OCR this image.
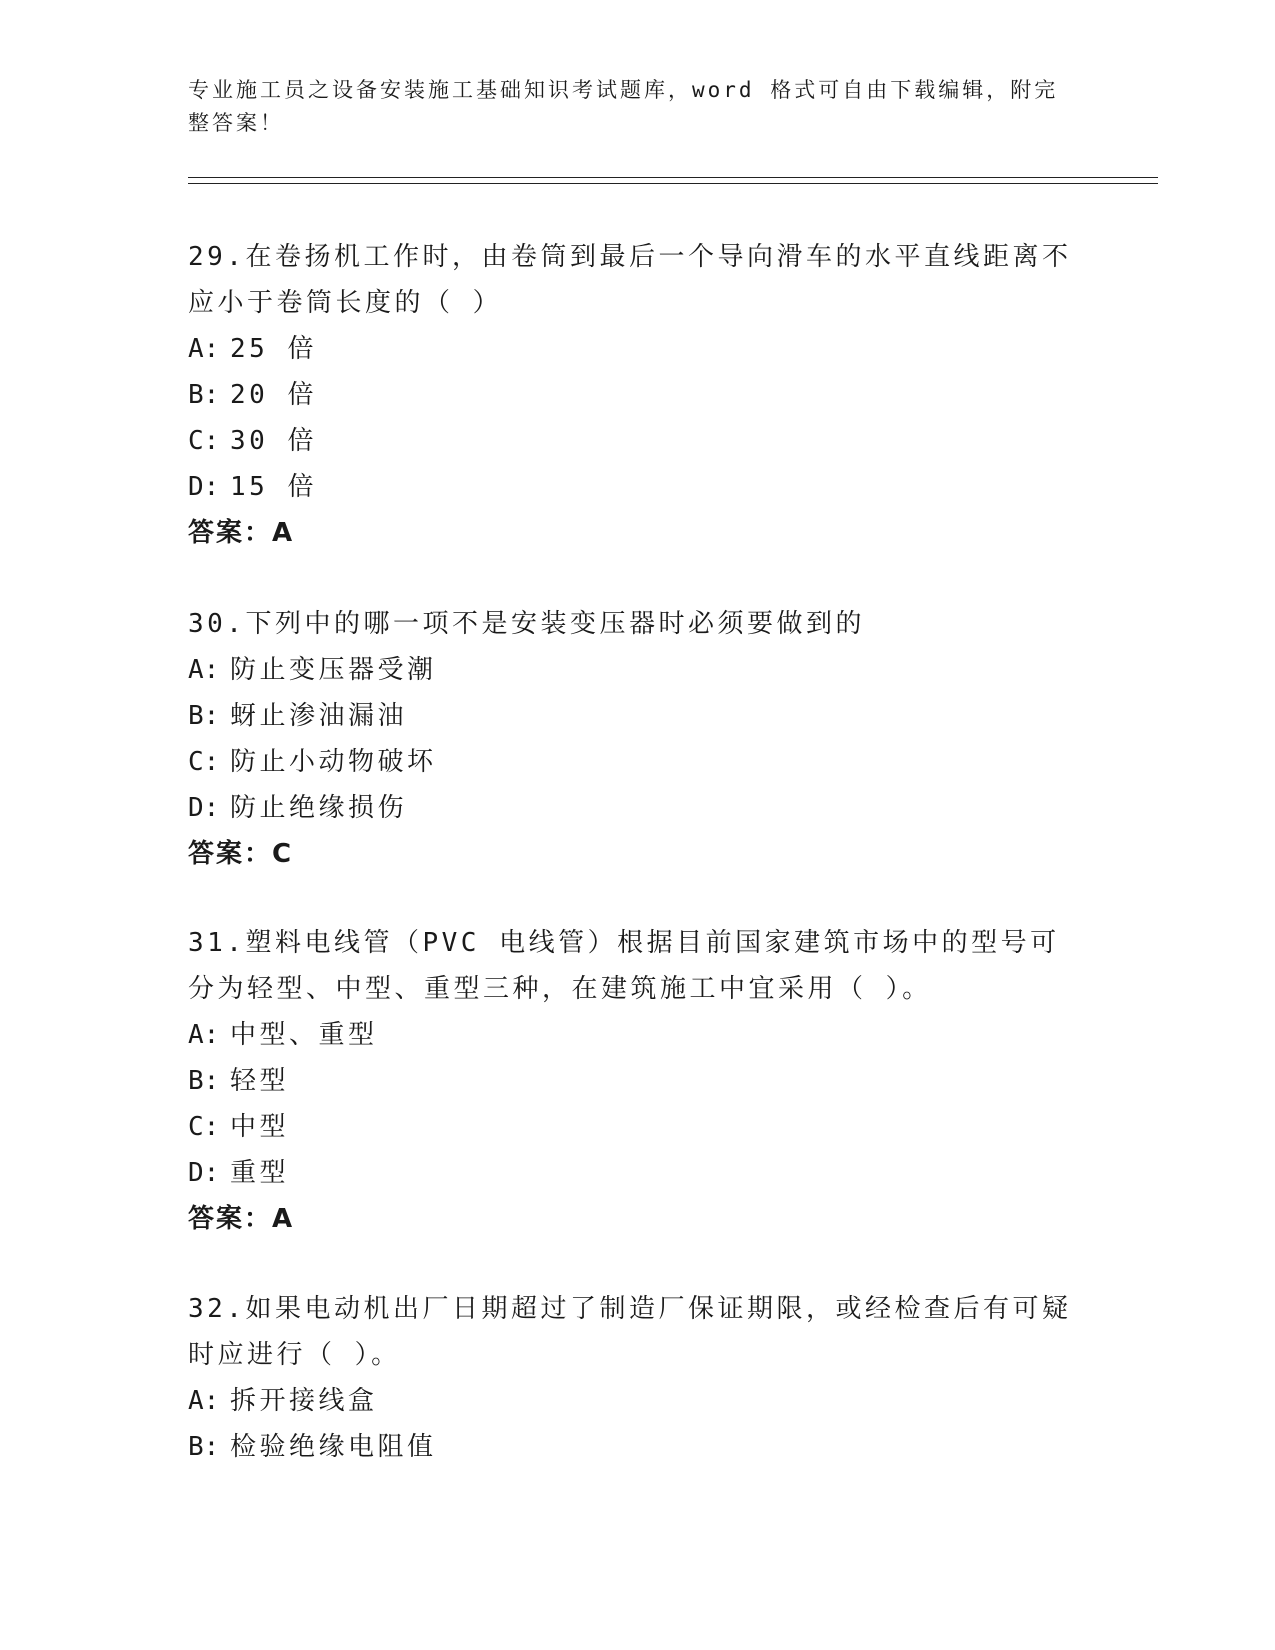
专业施工员之设备安装施工基础知识考试题库，word 格式可自由下载编辑，附完整答案！
29.在卷扬机工作时，由卷筒到最后一个导向滑车的水平直线距离不应小于卷筒长度的（ ）
A: 25 倍
B: 20 倍
C: 30 倍
D: 15 倍
答案：A
30.下列中的哪一项不是安装变压器时必须要做到的
A: 防止变压器受潮
B: 蚜止渗油漏油
C: 防止小动物破坏
D: 防止绝缘损伤
答案：C
31.塑料电线管（PVC 电线管）根据目前国家建筑市场中的型号可分为轻型、中型、重型三种，在建筑施工中宜采用（ ）。
A: 中型、重型
B: 轻型
C: 中型
D: 重型
答案：A
32.如果电动机出厂日期超过了制造厂保证期限，或经检查后有可疑时应进行（ ）。
A: 拆开接线盒
B: 检验绝缘电阻值
